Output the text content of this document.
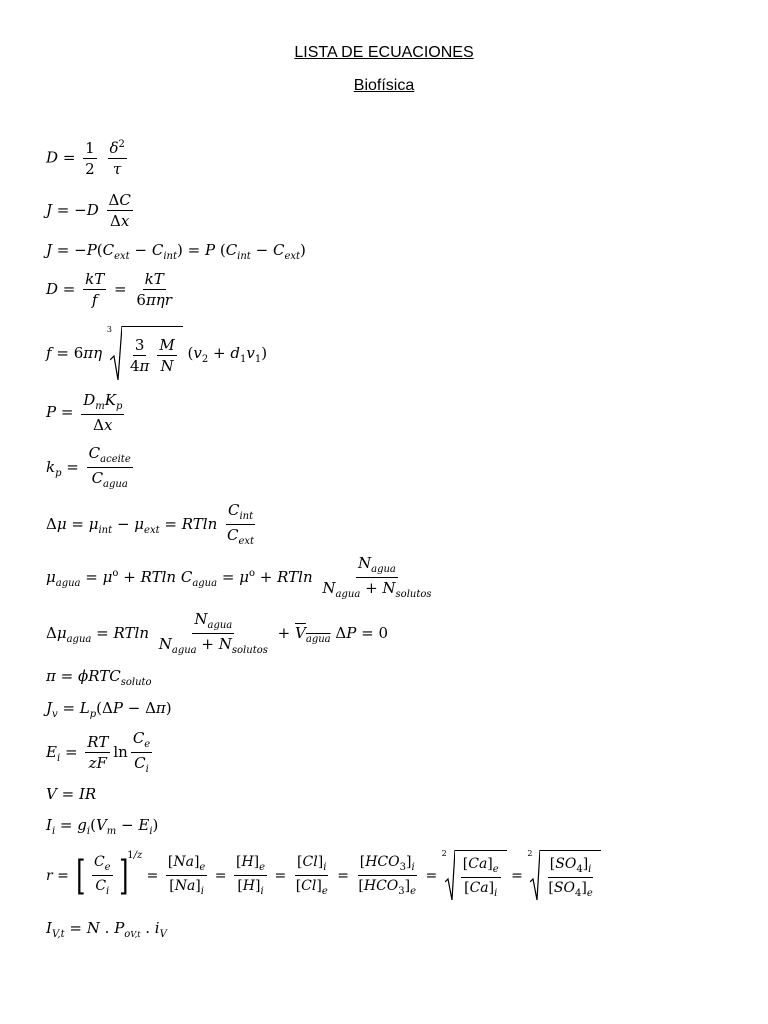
LISTA DE ECUACIONES
Biofísica
$D = \frac{1}{2}$
$\frac{\delta^2}{\tau}$
$J = -D \frac{\Delta C}{\Delta x}$
$J = -P(C_{ext} - C_{int}) = P$ $(C_{int} - C_{ext})$
$D = \frac{kT}{f} = \frac{kT}{\text{6πηr}}$
f = 6πη
3
$\frac{3}{4\pi} \frac{M}{N} (v_2 + d_1v_1)$
$P = \frac{D_mK_p}{\Delta x}$
$k_p = \frac{C_{aceite}}{C_{agua}}$
$\Delta\mu = \mu_{int} - \mu_{ext} = RTln \frac{C_{int}}{C_{ext}}$
$\mu_{agua} = \mu^o + RTln$ $C_{agua} = \mu^o + RTln \frac{N_{agua}}{N_{agua} + N_{solutos}}$
$\Delta\mu_{agua} = RTln \frac{N_{agua}}{N_{agua} + N_{solutos}} + V_{agua}$ ΔP = 0
π = ϕRTC$_{soluto}$
$J_v = L_p(\Delta P - \Delta\pi)$
$E_i = \frac{RT}{zF}$ $\ln \frac{C_e}{C_i}$
V = IR
$I_i = g_i(V_m - E_i)$
r = [ $\frac{C_e}{C_i}$ ] $^{1/z} = \frac{[Na]_e}{[Na]_i} = \frac{[H]_e}{[H]_i} = \frac{[Cl]_i}{[Cl]_e} = \frac{[HCO_3]_i}{[HCO_3]_e}$ =
2
$\frac{[Ca]_e}{[Ca]_i}$ =
2
$\frac{[SO_4]_i}{[SO_4]_e}$
$I_{V,t} = N$ . $P_{oV,t}$ . $i_V$
